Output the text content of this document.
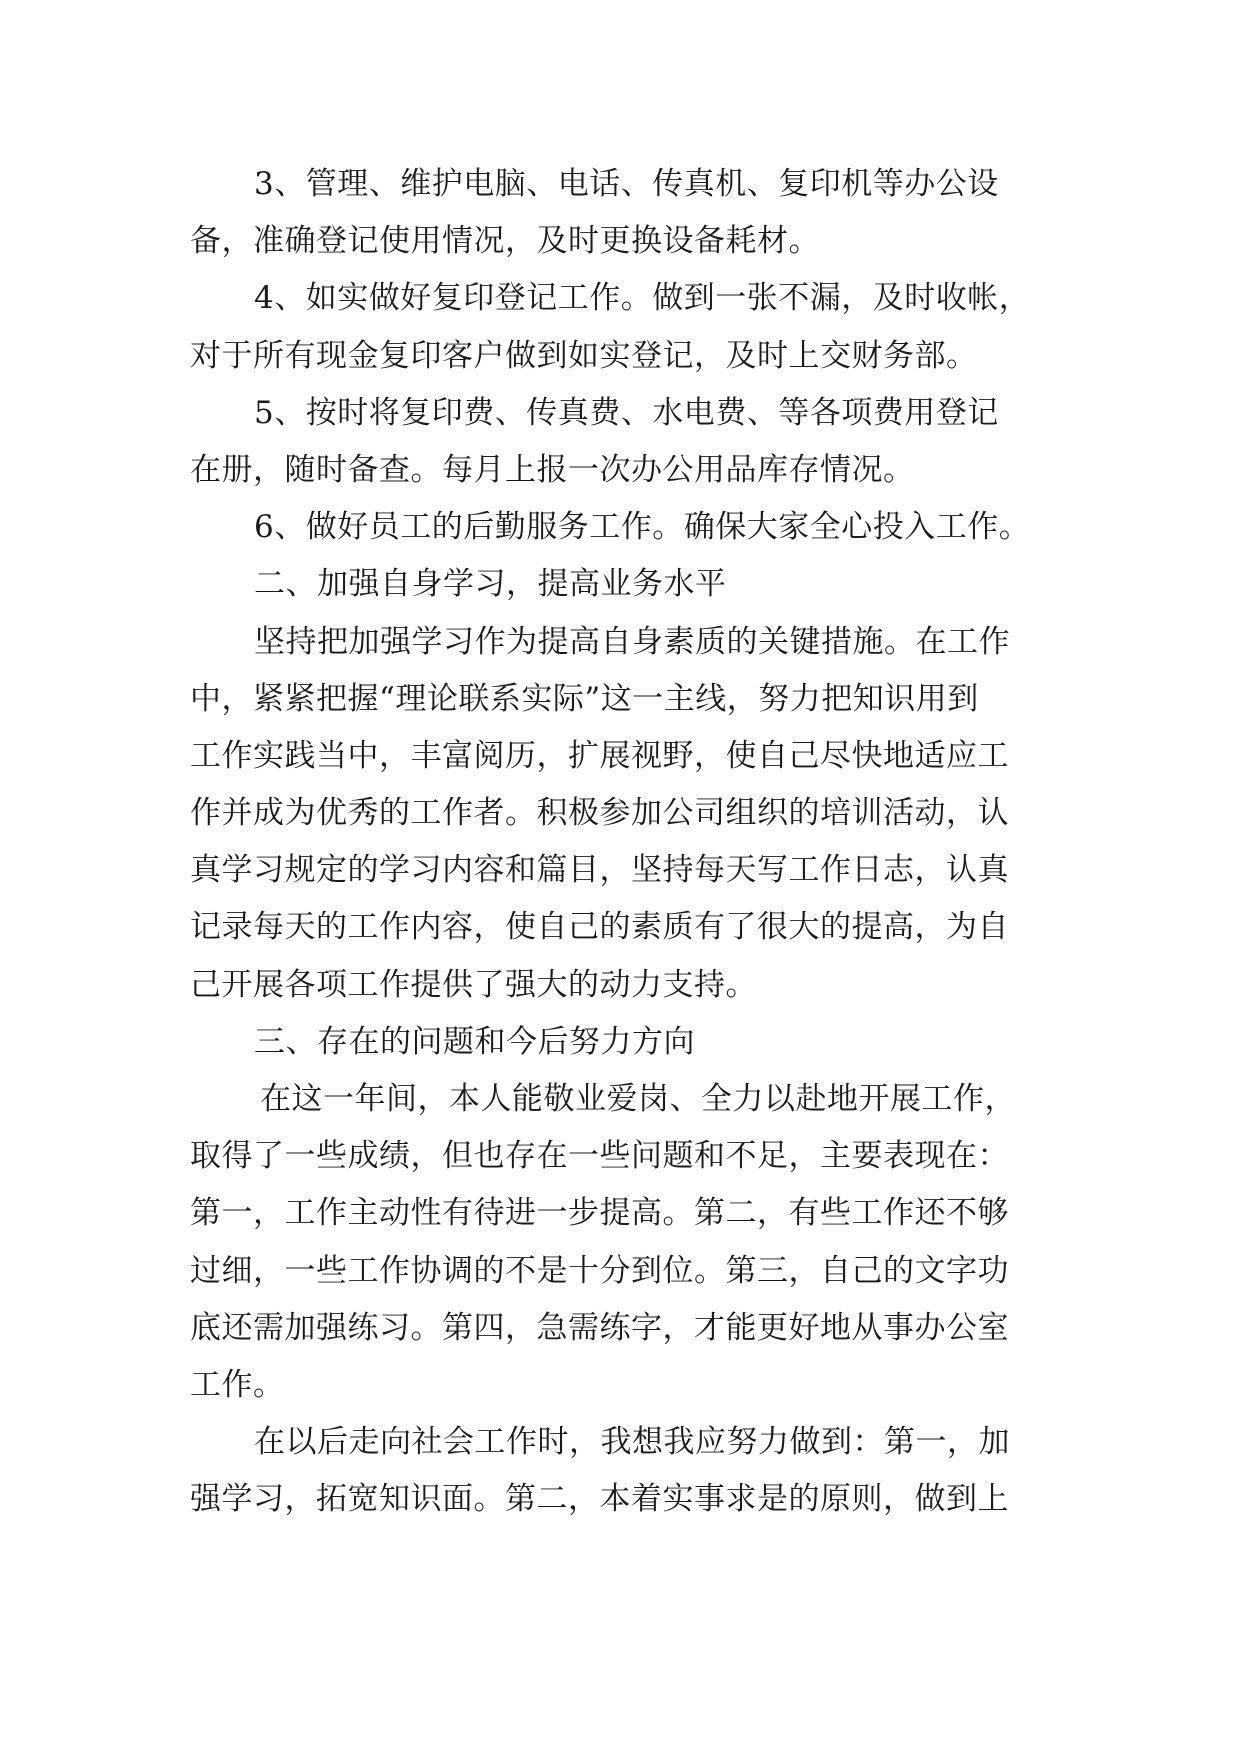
3、管理、维护电脑、电话、传真机、复印机等办公设
备，准确登记使用情况，及时更换设备耗材。
4、如实做好复印登记工作。做到一张不漏，及时收帐，
对于所有现金复印客户做到如实登记，及时上交财务部。
5、按时将复印费、传真费、水电费、等各项费用登记
在册，随时备查。每月上报一次办公用品库存情况。
6、做好员工的后勤服务工作。确保大家全心投入工作。
二、加强自身学习，提高业务水平
坚持把加强学习作为提高自身素质的关键措施。在工作
中，紧紧把握“理论联系实际”这一主线，努力把知识用到
工作实践当中，丰富阅历，扩展视野，使自己尽快地适应工
作并成为优秀的工作者。积极参加公司组织的培训活动，认
真学习规定的学习内容和篇目，坚持每天写工作日志，认真
记录每天的工作内容，使自己的素质有了很大的提高，为自
己开展各项工作提供了强大的动力支持。
三、存在的问题和今后努力方向
在这一年间，本人能敬业爱岗、全力以赴地开展工作，
取得了一些成绩，但也存在一些问题和不足，主要表现在：
第一，工作主动性有待进一步提高。第二，有些工作还不够
过细，一些工作协调的不是十分到位。第三，自己的文字功
底还需加强练习。第四，急需练字，才能更好地从事办公室
工作。
在以后走向社会工作时，我想我应努力做到：第一，加
强学习，拓宽知识面。第二，本着实事求是的原则，做到上
